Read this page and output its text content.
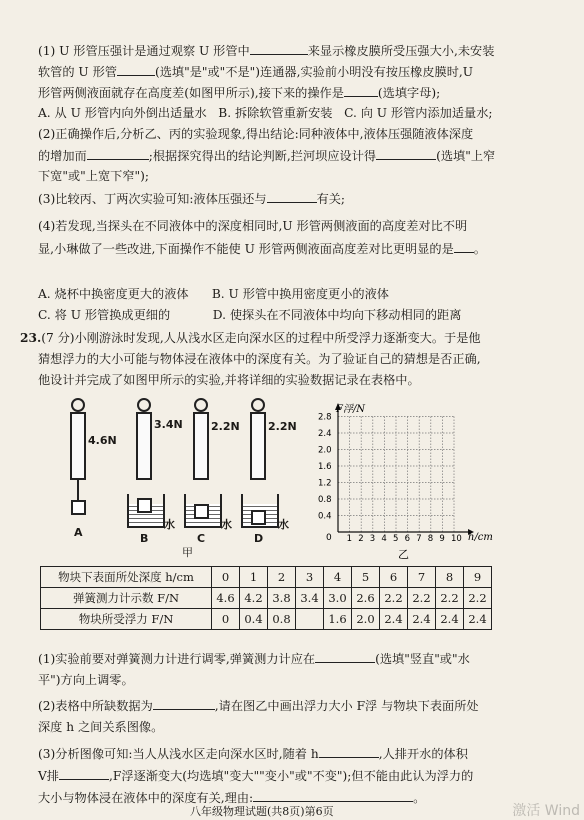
(1) U 形管压强计是通过观察 U 形管中	来显示橡皮膜所受压强大小,未安装
软管的 U 形管	(选填"是"或"不是")连通器,实验前小明没有按压橡皮膜时,U
形管两侧液面就存在高度差(如图甲所示),接下来的操作是	(选填字母);
A. 从 U 形管内向外倒出适量水   B. 拆除软管重新安装   C. 向 U 形管内添加适量水;
(2)正确操作后,分析乙、丙的实验现象,得出结论:同种液体中,液体压强随液体深度
的增加而	;根据探究得出的结论判断,拦河坝应设计得	(选填"上窄
下宽"或"上宽下窄");
(3)比较丙、丁两次实验可知:液体压强还与	有关;
(4)若发现,当探头在不同液体中的深度相同时,U 形管两侧液面的高度差对比不明
显,小琳做了一些改进,下面操作不能使 U 形管两侧液面高度差对比更明显的是 。
A. 烧杯中换密度更大的液体      B. U 形管中换用密度更小的液体
C. 将 U 形管换成更细的           D. 使探头在不同液体中均向下移动相同的距离
23.(7 分)小刚游泳时发现,人从浅水区走向深水区的过程中所受浮力逐渐变大。于是他
猜想浮力的大小可能与物体浸在液体中的深度有关。为了验证自己的猜想是否正确,
他设计并完成了如图甲所示的实验,并将详细的实验数据记录在表格中。
4.6N
A
3.4N
水
B
2.2N
水
C
2.2N
水
D
甲
2.8
2.4
2.0
1.6
1.2
0.8
0.4
1 2 3 4 5 6 7 8 9 10
F浮/N
h/cm
0
乙
物块下表面所处深度 h/cm	0	1	2	3	4	5	6	7	8	9
弹簧测力计示数 F/N	4.6	4.2	3.8	3.4	3.0	2.6	2.2	2.2	2.2	2.2
物块所受浮力 F/N	0	0.4	0.8		1.6	2.0	2.4	2.4	2.4	2.4
(1)实验前要对弹簧测力计进行调零,弹簧测力计应在	(选填"竖直"或"水
平")方向上调零。
(2)表格中所缺数据为	,请在图乙中画出浮力大小 F浮 与物块下表面所处
深度 h 之间关系图像。
(3)分析图像可知:当人从浅水区走向深水区时,随着 h	,人排开水的体积
V排	,F浮逐渐变大(均选填"变大""变小"或"不变");但不能由此认为浮力的
大小与物体浸在液体中的深度有关,理由:	。
八年级物理试题(共8页)第6页	激活 Wind
